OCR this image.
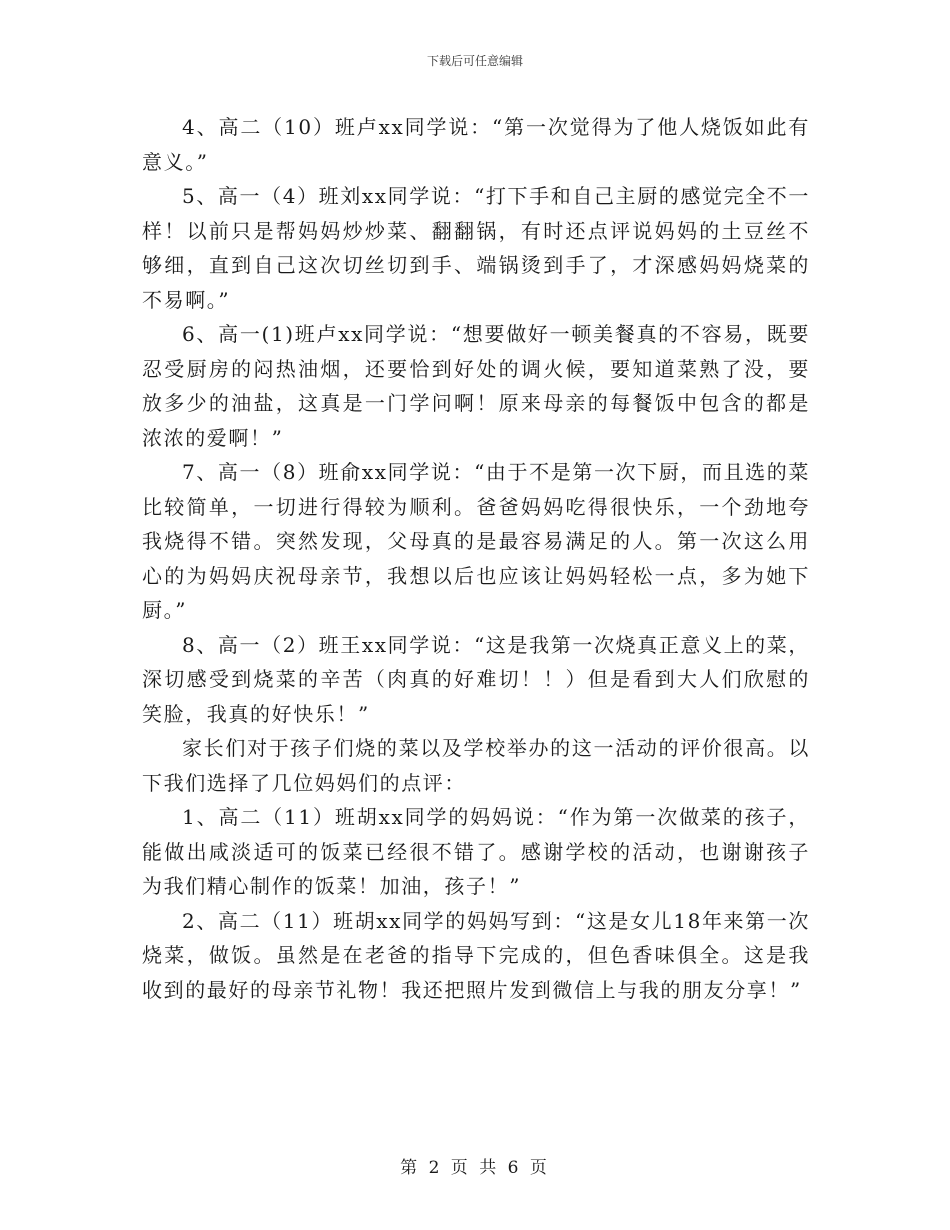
下载后可任意编辑

4、高二（10）班卢xx同学说：“第一次觉得为了他人烧饭如此有意义。”

5、高一（4）班刘xx同学说：“打下手和自己主厨的感觉完全不一样！以前只是帮妈妈炒炒菜、翻翻锅，有时还点评说妈妈的土豆丝不够细，直到自己这次切丝切到手、端锅烫到手了，才深感妈妈烧菜的不易啊。”

6、高一(1)班卢xx同学说：“想要做好一顿美餐真的不容易，既要忍受厨房的闷热油烟，还要恰到好处的调火候，要知道菜熟了没，要放多少的油盐，这真是一门学问啊！原来母亲的每餐饭中包含的都是浓浓的爱啊！”

7、高一（8）班俞xx同学说：“由于不是第一次下厨，而且选的菜比较简单，一切进行得较为顺利。爸爸妈妈吃得很快乐，一个劲地夸我烧得不错。突然发现，父母真的是最容易满足的人。第一次这么用心的为妈妈庆祝母亲节，我想以后也应该让妈妈轻松一点，多为她下厨。”

8、高一（2）班王xx同学说：“这是我第一次烧真正意义上的菜，深切感受到烧菜的辛苦（肉真的好难切！！）但是看到大人们欣慰的笑脸，我真的好快乐！”

家长们对于孩子们烧的菜以及学校举办的这一活动的评价很高。以下我们选择了几位妈妈们的点评：

1、高二（11）班胡xx同学的妈妈说：“作为第一次做菜的孩子，能做出咸淡适可的饭菜已经很不错了。感谢学校的活动，也谢谢孩子为我们精心制作的饭菜！加油，孩子！”

2、高二（11）班胡xx同学的妈妈写到：“这是女儿18年来第一次烧菜，做饭。虽然是在老爸的指导下完成的，但色香味俱全。这是我收到的最好的母亲节礼物！我还把照片发到微信上与我的朋友分享！”

第 2 页 共 6 页
